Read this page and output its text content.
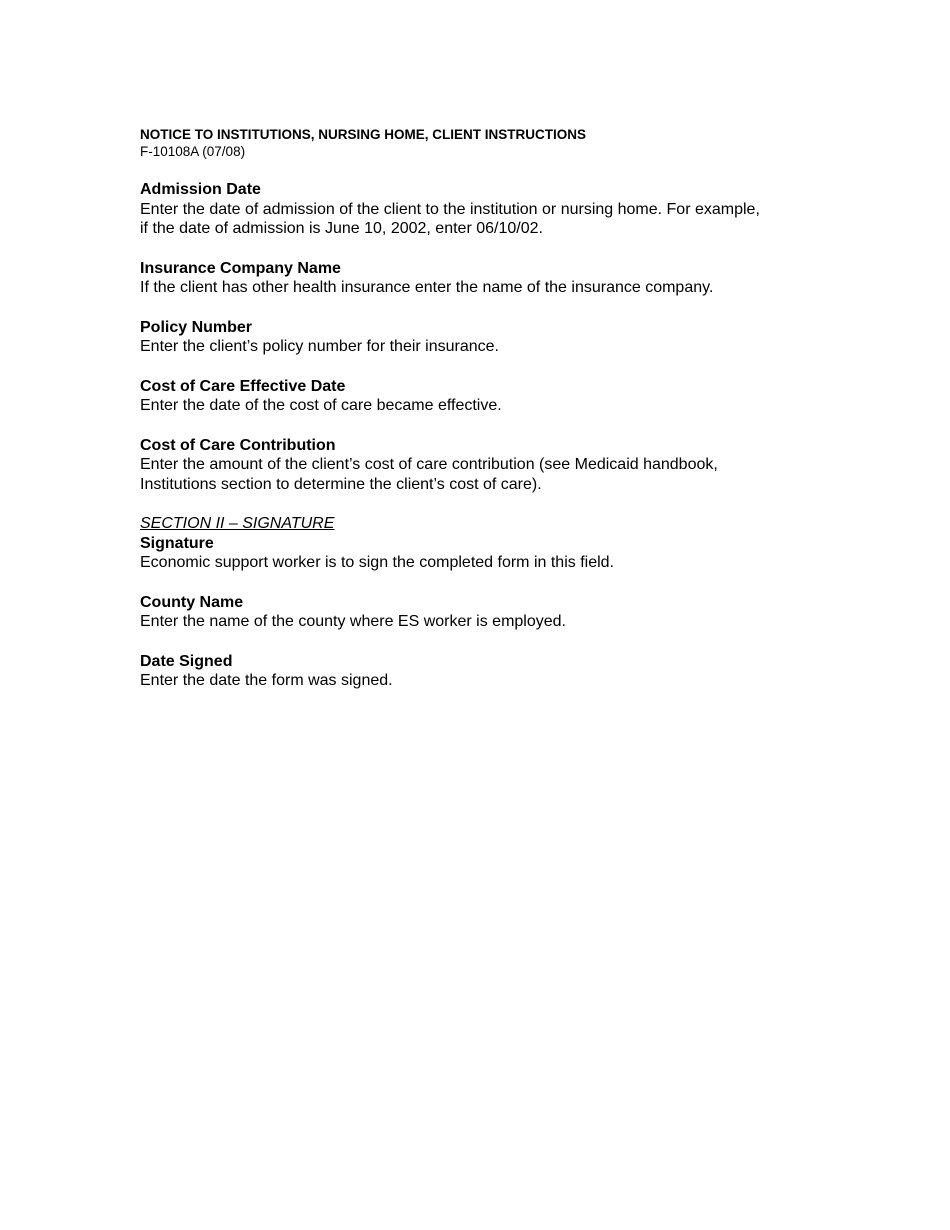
NOTICE TO INSTITUTIONS, NURSING HOME, CLIENT INSTRUCTIONS

F-10108A (07/08)

Admission Date

Enter the date of admission of the client to the institution or nursing home. For example,

if the date of admission is June 10, 2002, enter 06/10/02.

Insurance Company Name

If the client has other health insurance enter the name of the insurance company.

Policy Number

Enter the client’s policy number for their insurance.

Cost of Care Effective Date

Enter the date of the cost of care became effective.

Cost of Care Contribution

Enter the amount of the client’s cost of care contribution (see Medicaid handbook,

Institutions section to determine the client’s cost of care).

SECTION II – SIGNATURE

Signature

Economic support worker is to sign the completed form in this field.

County Name

Enter the name of the county where ES worker is employed.

Date Signed

Enter the date the form was signed.
